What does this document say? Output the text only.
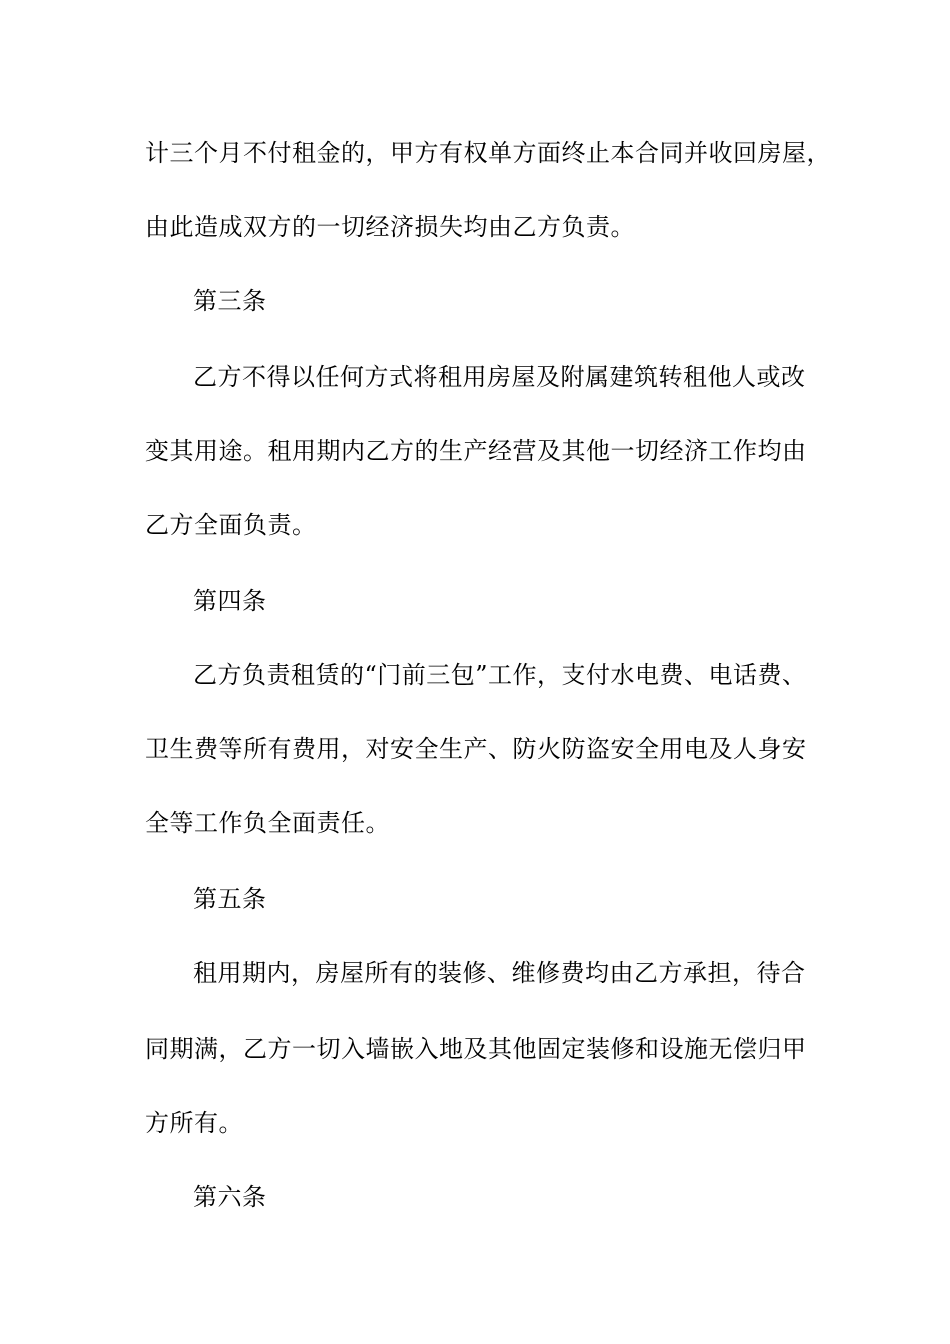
计三个月不付租金的，甲方有权单方面终止本合同并收回房屋，
由此造成双方的一切经济损失均由乙方负责。
第三条
乙方不得以任何方式将租用房屋及附属建筑转租他人或改
变其用途。租用期内乙方的生产经营及其他一切经济工作均由
乙方全面负责。
第四条
乙方负责租赁的“门前三包”工作，支付水电费、电话费、
卫生费等所有费用，对安全生产、防火防盗安全用电及人身安
全等工作负全面责任。
第五条
租用期内，房屋所有的装修、维修费均由乙方承担，待合
同期满，乙方一切入墙嵌入地及其他固定装修和设施无偿归甲
方所有。
第六条
